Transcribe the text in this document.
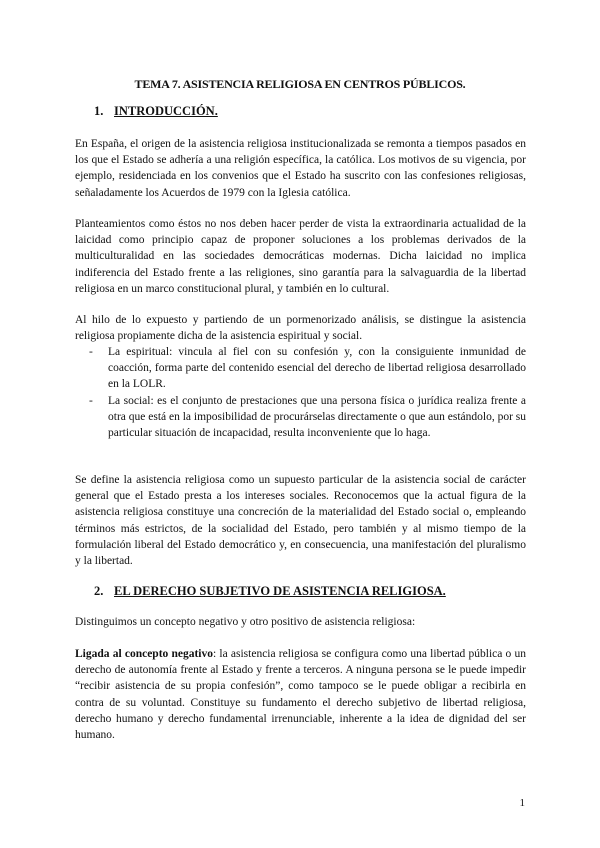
TEMA 7. ASISTENCIA RELIGIOSA EN CENTROS PÚBLICOS.
1. INTRODUCCIÓN.

En España, el origen de la asistencia religiosa institucionalizada se remonta a tiempos pasados en los que el Estado se adhería a una religión específica, la católica. Los motivos de su vigencia, por ejemplo, residenciada en los convenios que el Estado ha suscrito con las confesiones religiosas, señaladamente los Acuerdos de 1979 con la Iglesia católica.

Planteamientos como éstos no nos deben hacer perder de vista la extraordinaria actualidad de la laicidad como principio capaz de proponer soluciones a los problemas derivados de la multiculturalidad en las sociedades democráticas modernas. Dicha laicidad no implica indiferencia del Estado frente a las religiones, sino garantía para la salvaguardia de la libertad religiosa en un marco constitucional plural, y también en lo cultural.

Al hilo de lo expuesto y partiendo de un pormenorizado análisis, se distingue la asistencia religiosa propiamente dicha de la asistencia espiritual y social.

- La espiritual: vincula al fiel con su confesión y, con la consiguiente inmunidad de coacción, forma parte del contenido esencial del derecho de libertad religiosa desarrollado en la LOLR.
- La social: es el conjunto de prestaciones que una persona física o jurídica realiza frente a otra que está en la imposibilidad de procurárselas directamente o que aun estándolo, por su particular situación de incapacidad, resulta inconveniente que lo haga.

Se define la asistencia religiosa como un supuesto particular de la asistencia social de carácter general que el Estado presta a los intereses sociales. Reconocemos que la actual figura de la asistencia religiosa constituye una concreción de la materialidad del Estado social o, empleando términos más estrictos, de la socialidad del Estado, pero también y al mismo tiempo de la formulación liberal del Estado democrático y, en consecuencia, una manifestación del pluralismo y la libertad.

2. EL DERECHO SUBJETIVO DE ASISTENCIA RELIGIOSA.

Distinguimos un concepto negativo y otro positivo de asistencia religiosa:

Ligada al concepto negativo: la asistencia religiosa se configura como una libertad pública o un derecho de autonomía frente al Estado y frente a terceros. A ninguna persona se le puede impedir “recibir asistencia de su propia confesión”, como tampoco se le puede obligar a recibirla en contra de su voluntad. Constituye su fundamento el derecho subjetivo de libertad religiosa, derecho humano y derecho fundamental irrenunciable, inherente a la idea de dignidad del ser humano.

1
